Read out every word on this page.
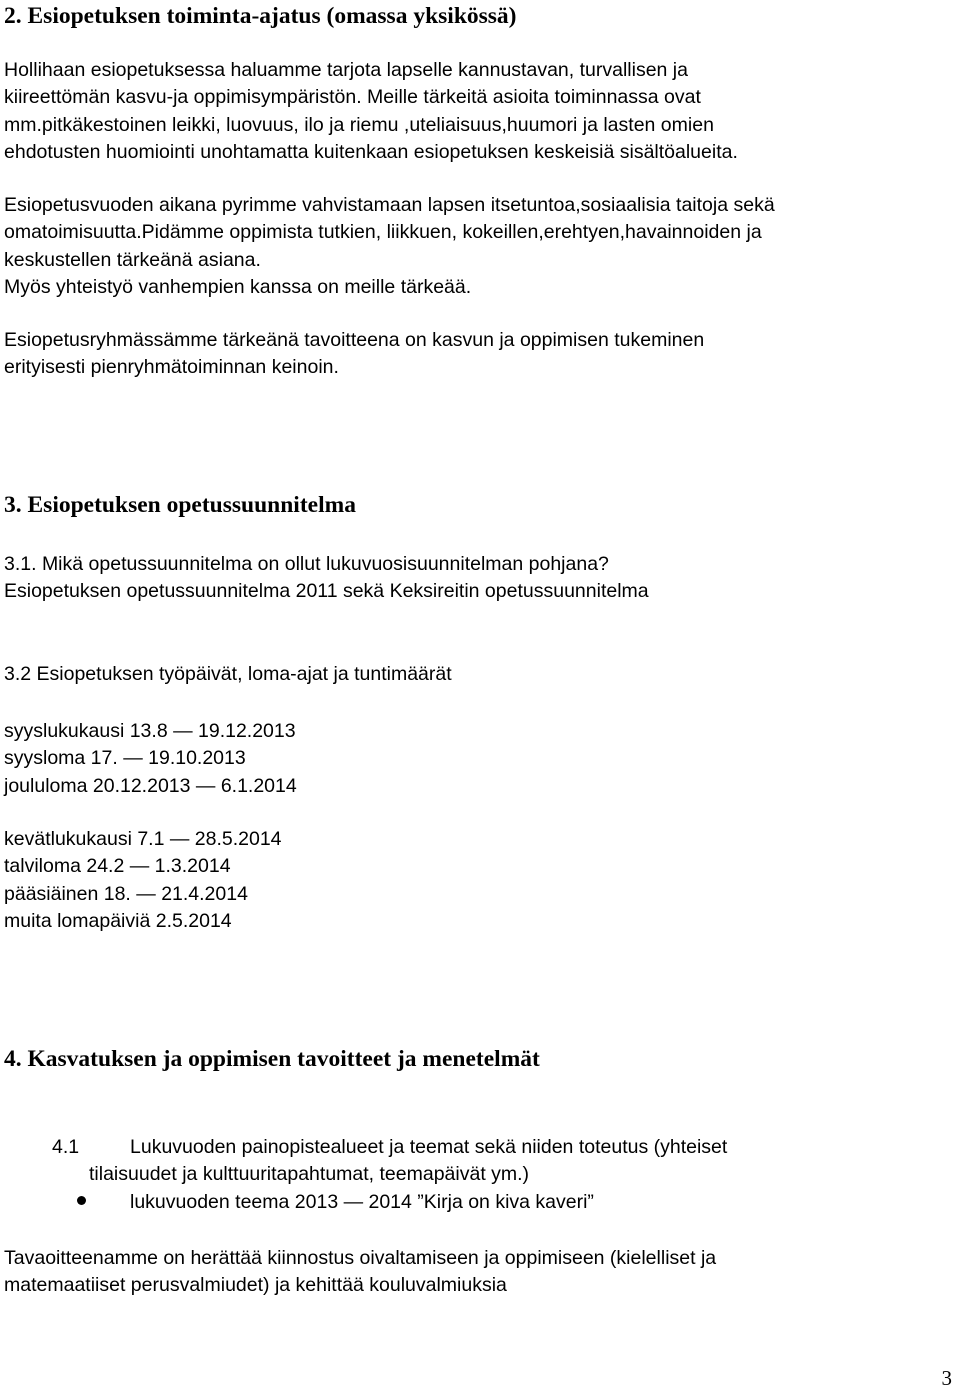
2. Esiopetuksen toiminta-ajatus (omassa yksikössä)
Hollihaan esiopetuksessa haluamme tarjota lapselle kannustavan, turvallisen ja
kiireettömän kasvu-ja oppimisympäristön. Meille tärkeitä asioita toiminnassa ovat
mm.pitkäkestoinen leikki, luovuus, ilo ja riemu ,uteliaisuus,huumori ja lasten omien
ehdotusten huomiointi unohtamatta kuitenkaan esiopetuksen keskeisiä sisältöalueita.
Esiopetusvuoden aikana pyrimme vahvistamaan lapsen itsetuntoa,sosiaalisia taitoja sekä
omatoimisuutta.Pidämme oppimista tutkien, liikkuen, kokeillen,erehtyen,havainnoiden ja
keskustellen tärkeänä asiana.
Myös yhteistyö vanhempien kanssa on meille tärkeää.
Esiopetusryhmässämme tärkeänä tavoitteena on kasvun ja oppimisen tukeminen
erityisesti pienryhmätoiminnan keinoin.
3. Esiopetuksen opetussuunnitelma
3.1. Mikä opetussuunnitelma on ollut lukuvuosisuunnitelman pohjana?
Esiopetuksen opetussuunnitelma 2011 sekä Keksireitin opetussuunnitelma
3.2 Esiopetuksen työpäivät, loma-ajat ja tuntimäärät
syyslukukausi 13.8 — 19.12.2013
syysloma 17. — 19.10.2013
joululoma 20.12.2013 — 6.1.2014
kevätlukukausi 7.1 — 28.5.2014
talviloma 24.2 — 1.3.2014
pääsiäinen 18. — 21.4.2014
muita lomapäiviä 2.5.2014
4. Kasvatuksen ja oppimisen tavoitteet ja menetelmät
4.1	Lukuvuoden painopistealueet ja teemat sekä niiden toteutus (yhteiset
tilaisuudet ja kulttuuritapahtumat, teemapäivät ym.)
lukuvuoden teema 2013 — 2014 ”Kirja on kiva kaveri”
Tavaoitteenamme on herättää kiinnostus oivaltamiseen ja oppimiseen (kielelliset ja
matemaatiiset perusvalmiudet) ja kehittää kouluvalmiuksia
3
